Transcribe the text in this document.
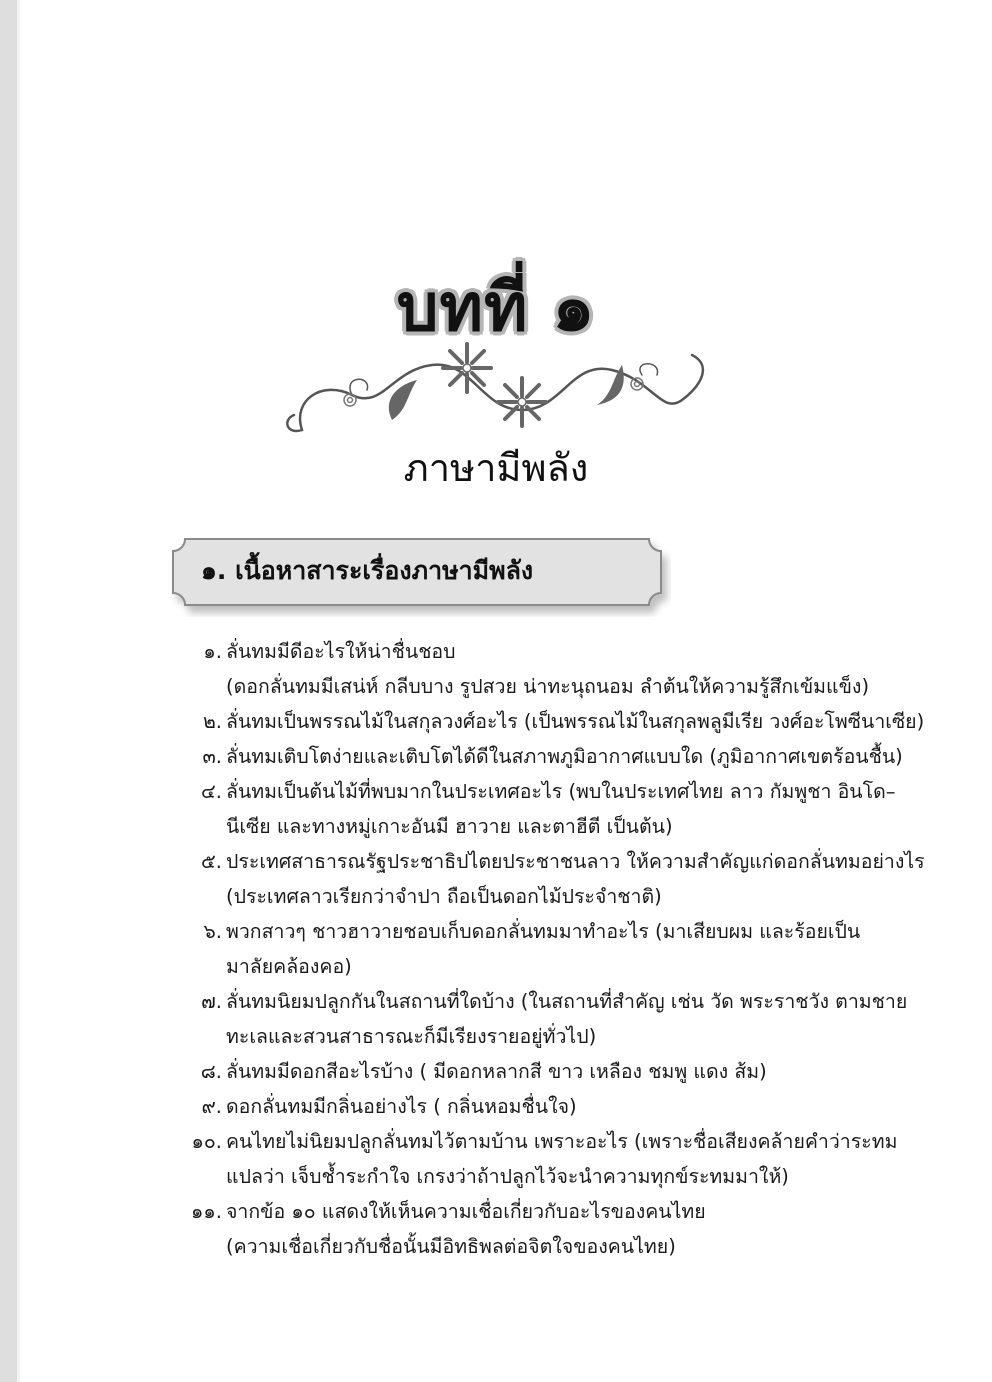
บทที่ ๑
ภาษามีพลัง
๑. เนื้อหาสาระเรื่องภาษามีพลัง
๑. ลั่นทมมีดีอะไรให้น่าชื่นชอบ
(ดอกลั่นทมมีเสน่ห์ กลีบบาง รูปสวย น่าทะนุถนอม ลำต้นให้ความรู้สึกเข้มแข็ง)
๒. ลั่นทมเป็นพรรณไม้ในสกุลวงศ์อะไร (เป็นพรรณไม้ในสกุลพลูมีเรีย วงศ์อะโพซีนาเซีย)
๓. ลั่นทมเติบโตง่ายและเติบโตได้ดีในสภาพภูมิอากาศแบบใด (ภูมิอากาศเขตร้อนชื้น)
๔. ลั่นทมเป็นต้นไม้ที่พบมากในประเทศอะไร (พบในประเทศไทย ลาว กัมพูชา อินโด–
นีเซีย และทางหมู่เกาะอันมี ฮาวาย และตาฮีตี เป็นต้น)
๕. ประเทศสาธารณรัฐประชาธิปไตยประชาชนลาว ให้ความสำคัญแก่ดอกลั่นทมอย่างไร
(ประเทศลาวเรียกว่าจำปา ถือเป็นดอกไม้ประจำชาติ)
๖. พวกสาวๆ ชาวฮาวายชอบเก็บดอกลั่นทมมาทำอะไร (มาเสียบผม และร้อยเป็น
มาลัยคล้องคอ)
๗. ลั่นทมนิยมปลูกกันในสถานที่ใดบ้าง (ในสถานที่สำคัญ เช่น วัด พระราชวัง ตามชาย
ทะเลและสวนสาธารณะก็มีเรียงรายอยู่ทั่วไป)
๘. ลั่นทมมีดอกสีอะไรบ้าง ( มีดอกหลากสี ขาว เหลือง ชมพู แดง ส้ม)
๙. ดอกลั่นทมมีกลิ่นอย่างไร ( กลิ่นหอมชื่นใจ)
๑๐. คนไทยไม่นิยมปลูกลั่นทมไว้ตามบ้าน เพราะอะไร (เพราะชื่อเสียงคล้ายคำว่าระทม
แปลว่า เจ็บช้ำระกำใจ เกรงว่าถ้าปลูกไว้จะนำความทุกข์ระทมมาให้)
๑๑. จากข้อ ๑๐ แสดงให้เห็นความเชื่อเกี่ยวกับอะไรของคนไทย
(ความเชื่อเกี่ยวกับชื่อนั้นมีอิทธิพลต่อจิตใจของคนไทย)
